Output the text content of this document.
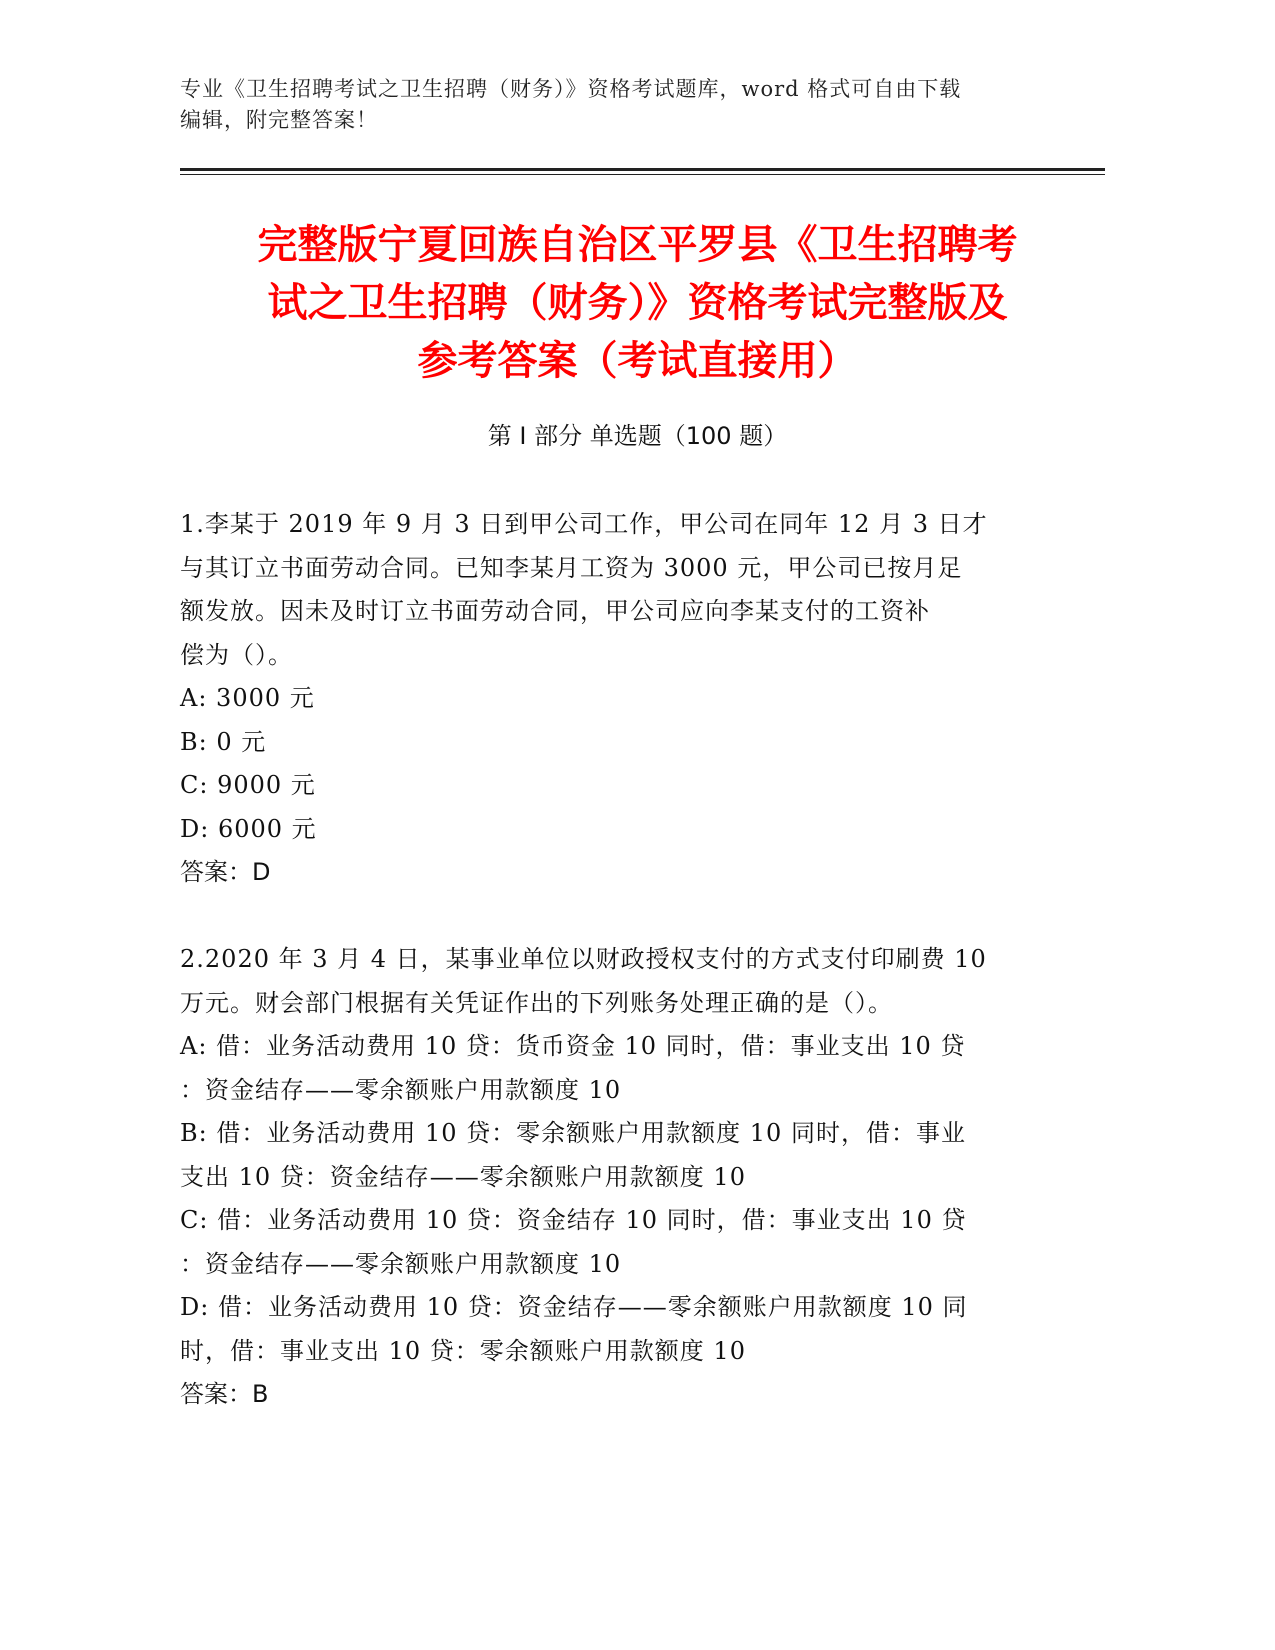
专业《卫生招聘考试之卫生招聘（财务）》资格考试题库，word 格式可自由下载
编辑，附完整答案！
完整版宁夏回族自治区平罗县《卫生招聘考
试之卫生招聘（财务）》资格考试完整版及
参考答案（考试直接用）
第 I 部分 单选题（100 题）
1.李某于 2019 年 9 月 3 日到甲公司工作，甲公司在同年 12 月 3 日才
与其订立书面劳动合同。已知李某月工资为 3000 元，甲公司已按月足
额发放。因未及时订立书面劳动合同，甲公司应向李某支付的工资补
偿为（）。
A: 3000 元
B: 0 元
C: 9000 元
D: 6000 元
答案：D
2.2020 年 3 月 4 日，某事业单位以财政授权支付的方式支付印刷费 10
万元。财会部门根据有关凭证作出的下列账务处理正确的是（）。
A: 借：业务活动费用 10 贷：货币资金 10 同时，借：事业支出 10 贷
：资金结存——零余额账户用款额度 10
B: 借：业务活动费用 10 贷：零余额账户用款额度 10 同时，借：事业
支出 10 贷：资金结存——零余额账户用款额度 10
C: 借：业务活动费用 10 贷：资金结存 10 同时，借：事业支出 10 贷
：资金结存——零余额账户用款额度 10
D: 借：业务活动费用 10 贷：资金结存——零余额账户用款额度 10 同
时，借：事业支出 10 贷：零余额账户用款额度 10
答案：B
